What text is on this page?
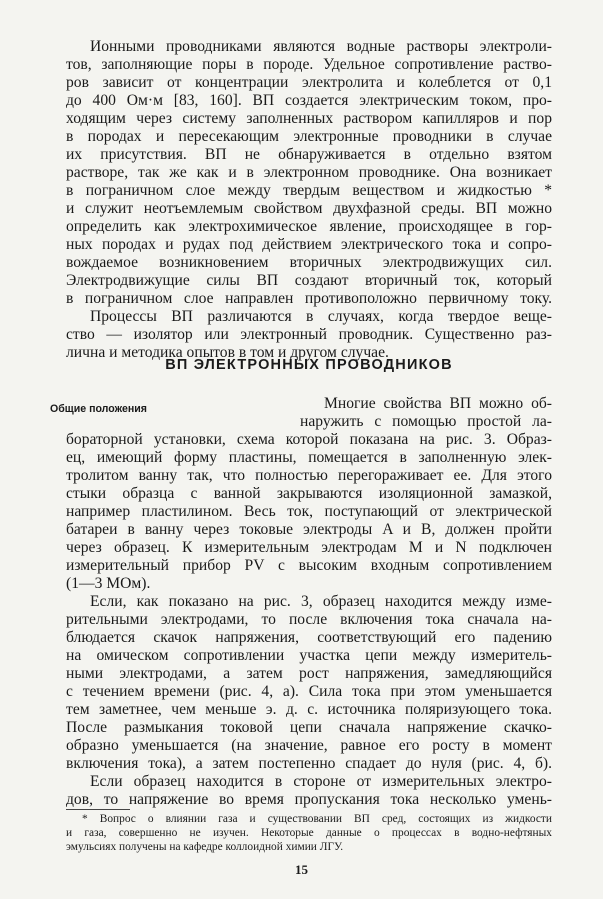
Ионными проводниками являются водные растворы электроли-
тов, заполняющие поры в породе. Удельное сопротивление раство-
ров зависит от концентрации электролита и колеблется от 0,1
до 400 Ом·м [83, 160]. ВП создается электрическим током, про-
ходящим через систему заполненных раствором капилляров и пор
в породах и пересекающим электронные проводники в случае
их присутствия. ВП не обнаруживается в отдельно взятом
растворе, так же как и в электронном проводнике. Она возникает
в пограничном слое между твердым веществом и жидкостью *
и служит неотъемлемым свойством двухфазной среды. ВП можно
определить как электрохимическое явление, происходящее в гор-
ных породах и рудах под действием электрического тока и сопро-
вождаемое возникновением вторичных электродвижущих сил.
Электродвижущие силы ВП создают вторичный ток, который
в пограничном слое направлен противоположно первичному току.
Процессы ВП различаются в случаях, когда твердое веще-
ство — изолятор или электронный проводник. Существенно раз-
лична и методика опытов в том и другом случае.
ВП ЭЛЕКТРОННЫХ ПРОВОДНИКОВ
Многие свойства ВП можно об-
наружить с помощью простой ла-
бораторной установки, схема которой показана на рис. 3. Образ-
ец, имеющий форму пластины, помещается в заполненную элек-
тролитом ванну так, что полностью перегораживает ее. Для этого
стыки образца с ванной закрываются изоляционной замазкой,
например пластилином. Весь ток, поступающий от электрической
батареи в ванну через токовые электроды A и B, должен пройти
через образец. К измерительным электродам M и N подключен
измерительный прибор PV с высоким входным сопротивлением
(1—3 МОм).
Если, как показано на рис. 3, образец находится между изме-
рительными электродами, то после включения тока сначала на-
блюдается скачок напряжения, соответствующий его падению
на омическом сопротивлении участка цепи между измеритель-
ными электродами, а затем рост напряжения, замедляющийся
с течением времени (рис. 4, а). Сила тока при этом уменьшается
тем заметнее, чем меньше э. д. с. источника поляризующего тока.
После размыкания токовой цепи сначала напряжение скачко-
образно уменьшается (на значение, равное его росту в момент
включения тока), а затем постепенно спадает до нуля (рис. 4, б).
Общие положения
Если образец находится в стороне от измерительных электро-
дов, то напряжение во время пропускания тока несколько умень-
* Вопрос о влиянии газа и существовании ВП сред, состоящих из жидкости
и газа, совершенно не изучен. Некоторые данные о процессах в водно-нефтяных
эмульсиях получены на кафедре коллоидной химии ЛГУ.
15
